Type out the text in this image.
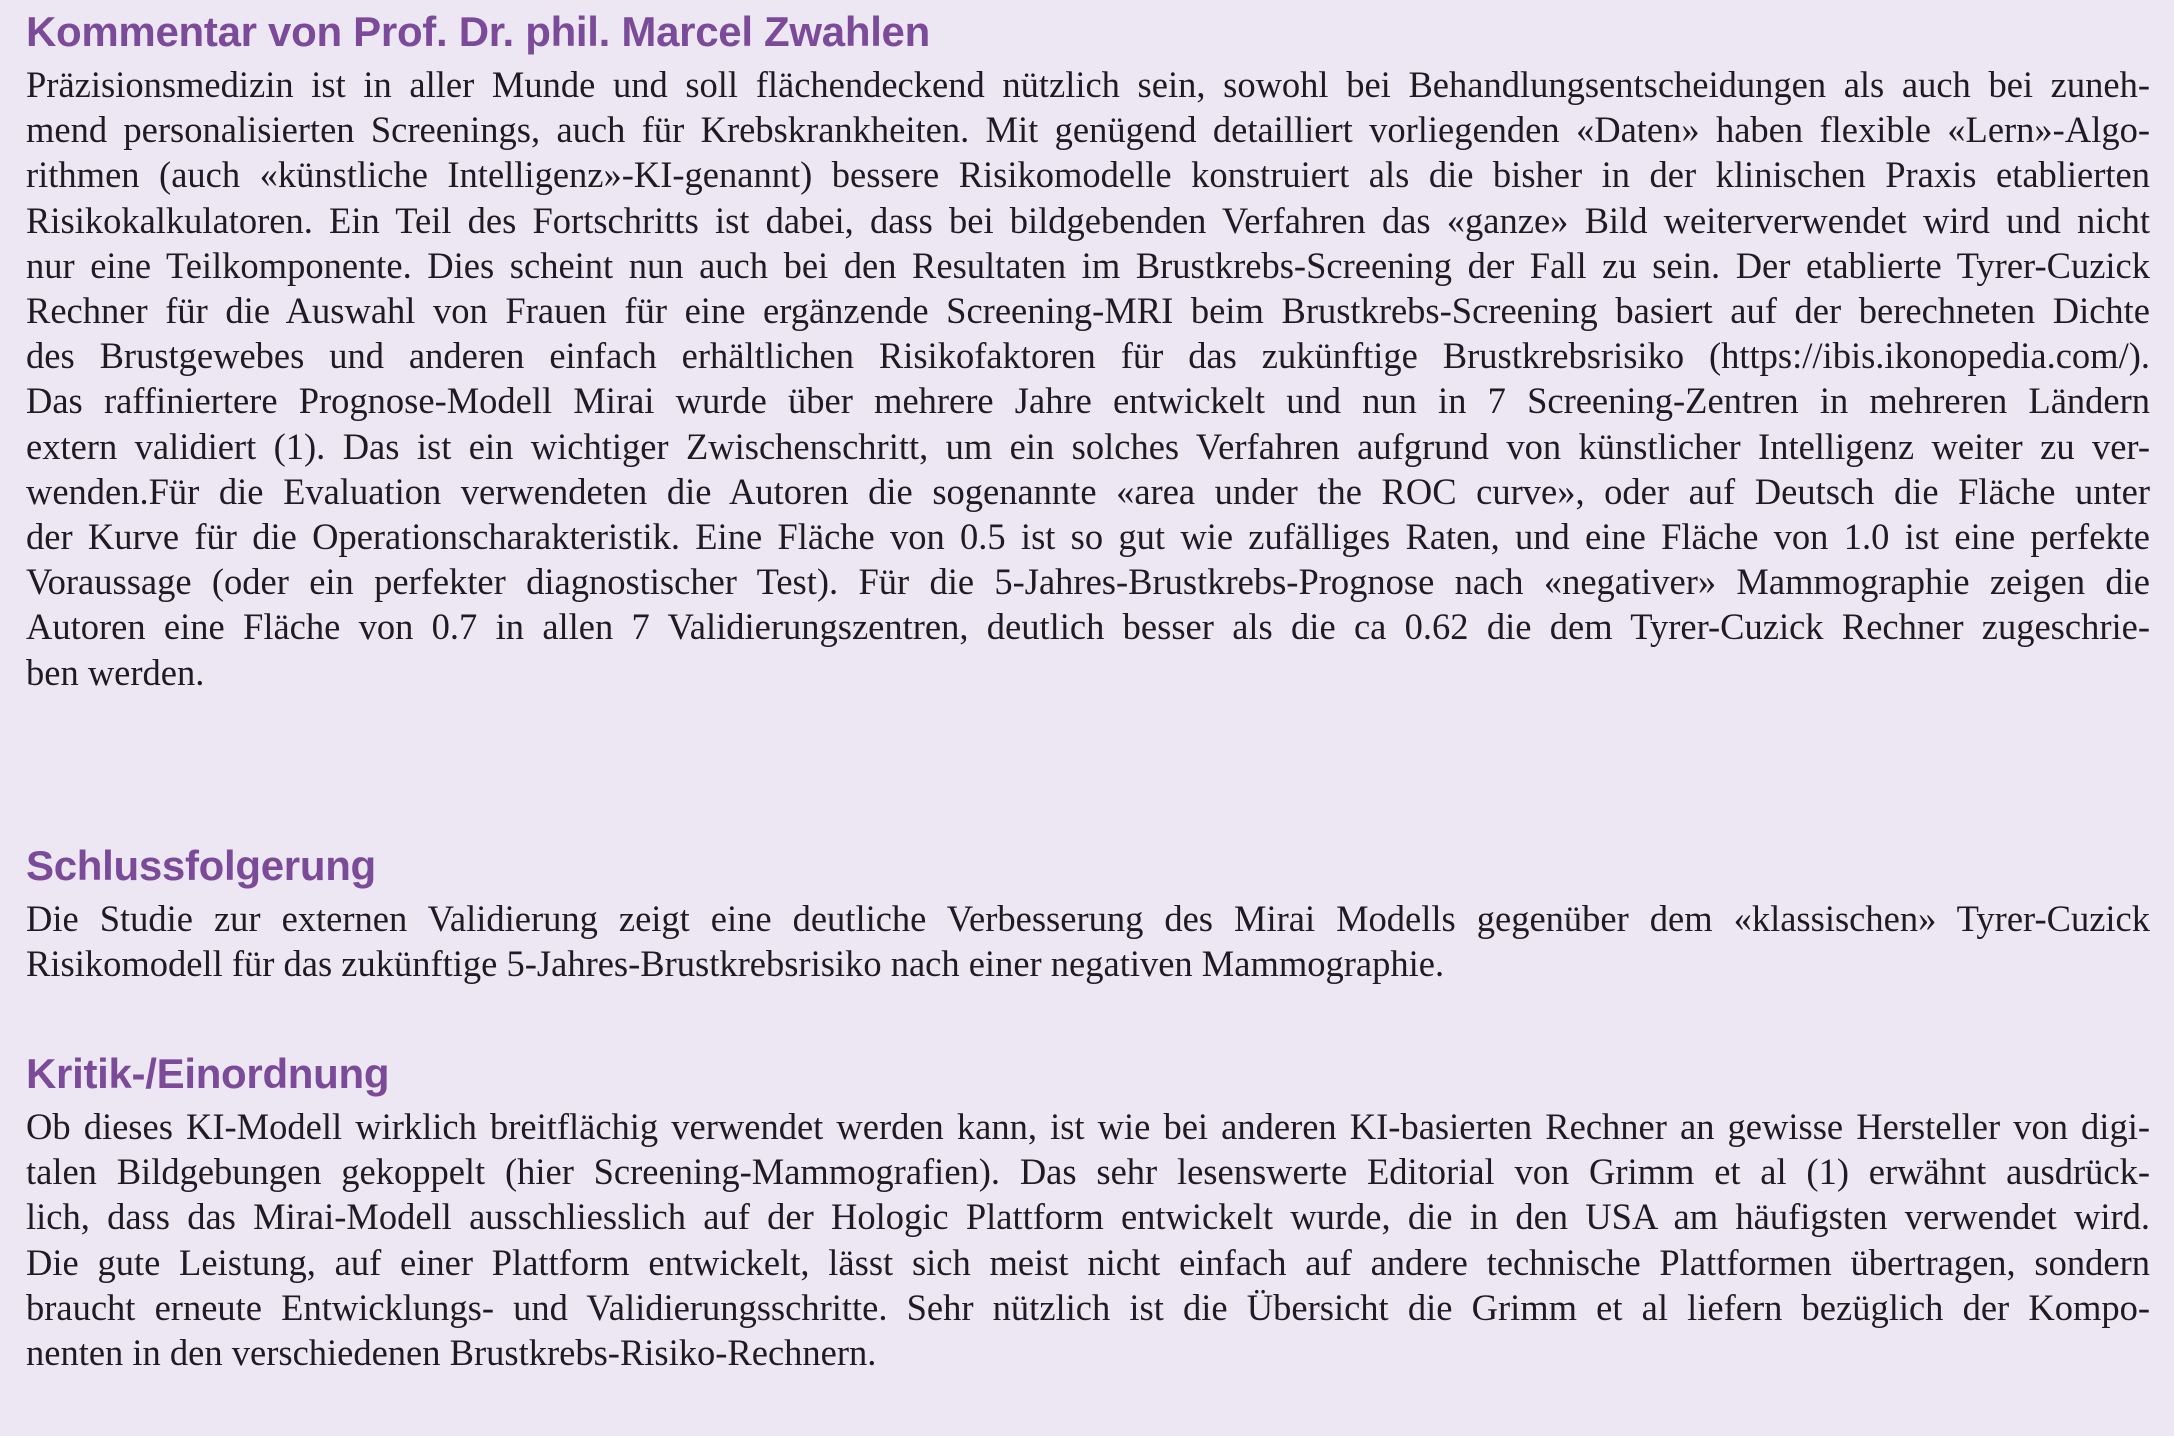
Kommentar von Prof. Dr. phil. Marcel Zwahlen
Präzisionsmedizin ist in aller Munde und soll flächendeckend nützlich sein, sowohl bei Behandlungsentscheidungen als auch bei zuneh-
mend personalisierten Screenings, auch für Krebskrankheiten. Mit genügend detailliert vorliegenden «Daten» haben flexible «Lern»-Algo-
rithmen (auch «künstliche Intelligenz»-KI-genannt) bessere Risikomodelle konstruiert als die bisher in der klinischen Praxis etablierten
Risikokalkulatoren. Ein Teil des Fortschritts ist dabei, dass bei bildgebenden Verfahren das «ganze» Bild weiterverwendet wird und nicht
nur eine Teilkomponente. Dies scheint nun auch bei den Resultaten im Brustkrebs-Screening der Fall zu sein. Der etablierte Tyrer-Cuzick
Rechner für die Auswahl von Frauen für eine ergänzende Screening-MRI beim Brustkrebs-Screening basiert auf der berechneten Dichte
des Brustgewebes und anderen einfach erhältlichen Risikofaktoren für das zukünftige Brustkrebsrisiko (https://ibis.ikonopedia.com/).
Das raffiniertere Prognose-Modell Mirai wurde über mehrere Jahre entwickelt und nun in 7 Screening-Zentren in mehreren Ländern
extern validiert (1). Das ist ein wichtiger Zwischenschritt, um ein solches Verfahren aufgrund von künstlicher Intelligenz weiter zu ver-
wenden.Für die Evaluation verwendeten die Autoren die sogenannte «area under the ROC curve», oder auf Deutsch die Fläche unter
der Kurve für die Operationscharakteristik. Eine Fläche von 0.5 ist so gut wie zufälliges Raten, und eine Fläche von 1.0 ist eine perfekte
Voraussage (oder ein perfekter diagnostischer Test). Für die 5-Jahres-Brustkrebs-Prognose nach «negativer» Mammographie zeigen die
Autoren eine Fläche von 0.7 in allen 7 Validierungszentren, deutlich besser als die ca 0.62 die dem Tyrer-Cuzick Rechner zugeschrie-
ben werden.
Schlussfolgerung
Die Studie zur externen Validierung zeigt eine deutliche Verbesserung des Mirai Modells gegenüber dem «klassischen» Tyrer-Cuzick
Risikomodell für das zukünftige 5-Jahres-Brustkrebsrisiko nach einer negativen Mammographie.
Kritik-/Einordnung
Ob dieses KI-Modell wirklich breitflächig verwendet werden kann, ist wie bei anderen KI-basierten Rechner an gewisse Hersteller von digi-
talen Bildgebungen gekoppelt (hier Screening-Mammografien). Das sehr lesenswerte Editorial von Grimm et al (1) erwähnt ausdrück-
lich, dass das Mirai-Modell ausschliesslich auf der Hologic Plattform entwickelt wurde, die in den USA am häufigsten verwendet wird.
Die gute Leistung, auf einer Plattform entwickelt, lässt sich meist nicht einfach auf andere technische Plattformen übertragen, sondern
braucht erneute Entwicklungs- und Validierungsschritte. Sehr nützlich ist die Übersicht die Grimm et al liefern bezüglich der Kompo-
nenten in den verschiedenen Brustkrebs-Risiko-Rechnern.
